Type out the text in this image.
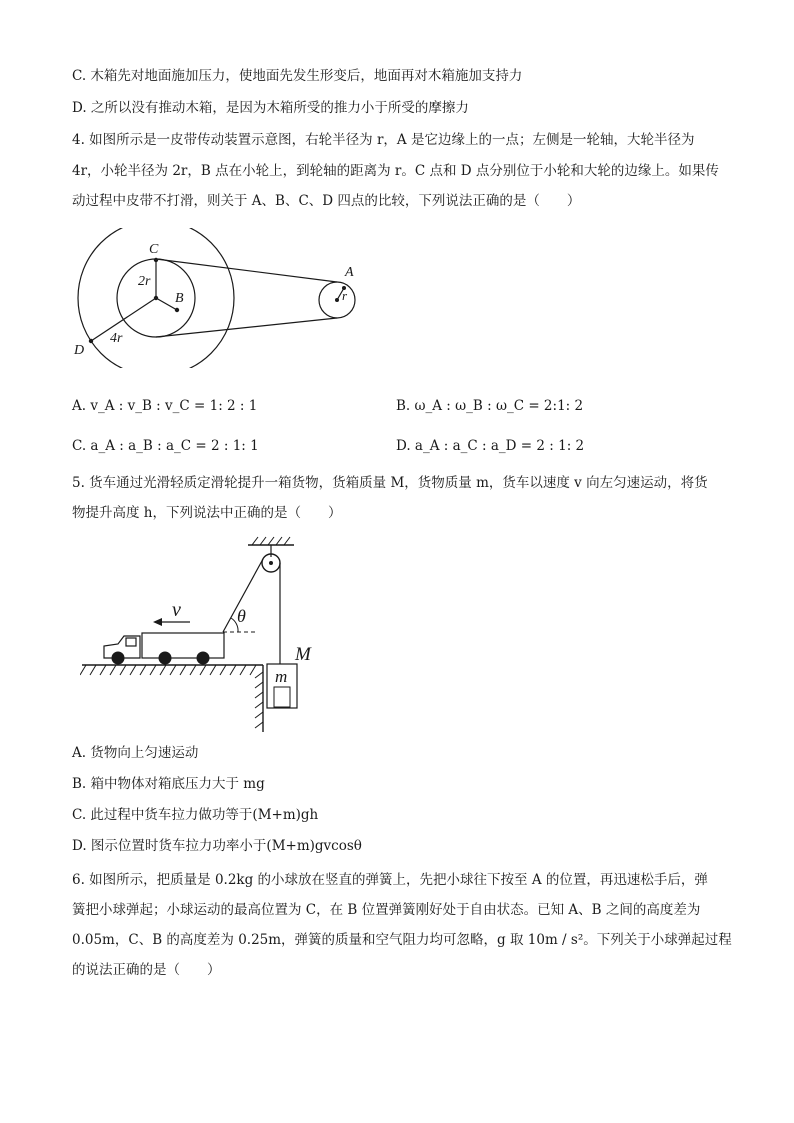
C. 木箱先对地面施加压力，使地面先发生形变后，地面再对木箱施加支持力
D. 之所以没有推动木箱，是因为木箱所受的推力小于所受的摩擦力
4. 如图所示是一皮带传动装置示意图，右轮半径为 r，A 是它边缘上的一点；左侧是一轮轴，大轮半径为
4r，小轮半径为 2r，B 点在小轮上，到轮轴的距离为 r。C 点和 D 点分别位于小轮和大轮的边缘上。如果传
动过程中皮带不打滑，则关于 A、B、C、D 四点的比较，下列说法正确的是（　　）
C
2r
B
A
r
4r
D
A. v_A : v_B : v_C = 1: 2 : 1	B. ω_A : ω_B : ω_C = 2:1: 2
C. a_A : a_B : a_C = 2 : 1: 1	D. a_A : a_C : a_D = 2 : 1: 2
5. 货车通过光滑轻质定滑轮提升一箱货物，货箱质量 M，货物质量 m，货车以速度 v 向左匀速运动，将货
物提升高度 h，下列说法中正确的是（　　）
θ
v
M
m
A. 货物向上匀速运动
B. 箱中物体对箱底压力大于 mg
C. 此过程中货车拉力做功等于(M+m)gh
D. 图示位置时货车拉力功率小于(M+m)gvcosθ
6. 如图所示，把质量是 0.2kg 的小球放在竖直的弹簧上，先把小球往下按至 A 的位置，再迅速松手后，弹
簧把小球弹起；小球运动的最高位置为 C，在 B 位置弹簧刚好处于自由状态。已知 A、B 之间的高度差为
0.05m，C、B 的高度差为 0.25m，弹簧的质量和空气阻力均可忽略，g 取 10m / s²。下列关于小球弹起过程
的说法正确的是（　　）
